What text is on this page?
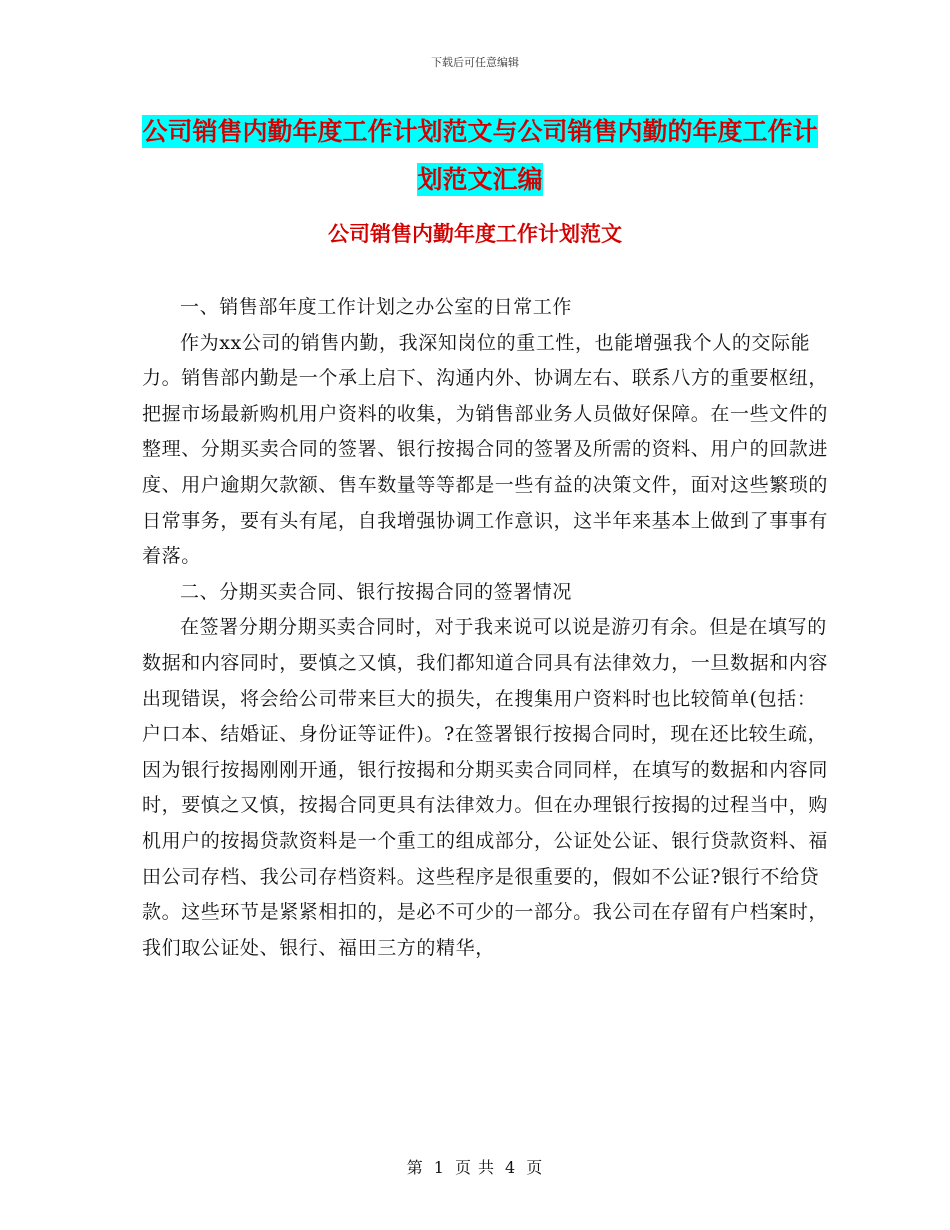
下载后可任意编辑
公司销售内勤年度工作计划范文与公司销售内勤的年度工作计划范文汇编
公司销售内勤年度工作计划范文

一、销售部年度工作计划之办公室的日常工作

作为xx公司的销售内勤，我深知岗位的重工性，也能增强我个人的交际能力。销售部内勤是一个承上启下、沟通内外、协调左右、联系八方的重要枢纽，把握市场最新购机用户资料的收集，为销售部业务人员做好保障。在一些文件的整理、分期买卖合同的签署、银行按揭合同的签署及所需的资料、用户的回款进度、用户逾期欠款额、售车数量等等都是一些有益的决策文件，面对这些繁琐的日常事务，要有头有尾，自我增强协调工作意识，这半年来基本上做到了事事有着落。

二、分期买卖合同、银行按揭合同的签署情况

在签署分期分期买卖合同时，对于我来说可以说是游刃有余。但是在填写的数据和内容同时，要慎之又慎，我们都知道合同具有法律效力，一旦数据和内容出现错误，将会给公司带来巨大的损失，在搜集用户资料时也比较简单(包括：户口本、结婚证、身份证等证件)。?在签署银行按揭合同时，现在还比较生疏，因为银行按揭刚刚开通，银行按揭和分期买卖合同同样，在填写的数据和内容同时，要慎之又慎，按揭合同更具有法律效力。但在办理银行按揭的过程当中，购机用户的按揭贷款资料是一个重工的组成部分，公证处公证、银行贷款资料、福田公司存档、我公司存档资料。这些程序是很重要的，假如不公证?银行不给贷款。这些环节是紧紧相扣的，是必不可少的一部分。我公司在存留有户档案时，我们取公证处、银行、福田三方的精华，

第 1 页 共 4 页
